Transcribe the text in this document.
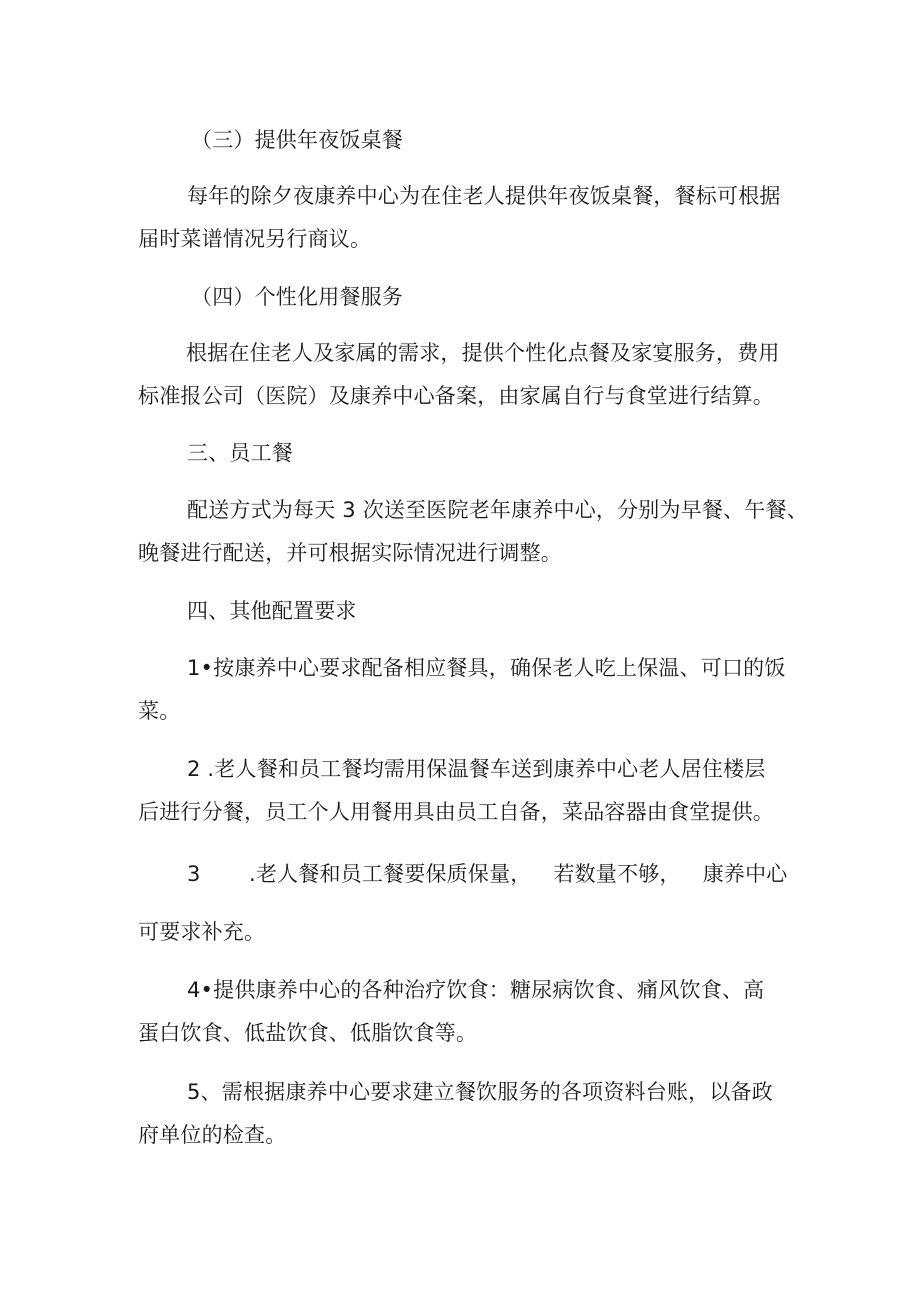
（三）提供年夜饭桌餐

每年的除夕夜康养中心为在住老人提供年夜饭桌餐，餐标可根据

届时菜谱情况另行商议。

（四）个性化用餐服务

根据在住老人及家属的需求，提供个性化点餐及家宴服务，费用

标准报公司（医院）及康养中心备案，由家属自行与食堂进行结算。

三、员工餐

配送方式为每天 3 次送至医院老年康养中心，分别为早餐、午餐、

晚餐进行配送，并可根据实际情况进行调整。

四、其他配置要求

1•按康养中心要求配备相应餐具，确保老人吃上保温、可口的饭

菜。

2 .老人餐和员工餐均需用保温餐车送到康养中心老人居住楼层

后进行分餐，员工个人用餐用具由员工自备，菜品容器由食堂提供。

3 .老人餐和员工餐要保质保量， 若数量不够， 康养中心

可要求补充。

4•提供康养中心的各种治疗饮食：糖尿病饮食、痛风饮食、高

蛋白饮食、低盐饮食、低脂饮食等。

5、需根据康养中心要求建立餐饮服务的各项资料台账，以备政

府单位的检查。
